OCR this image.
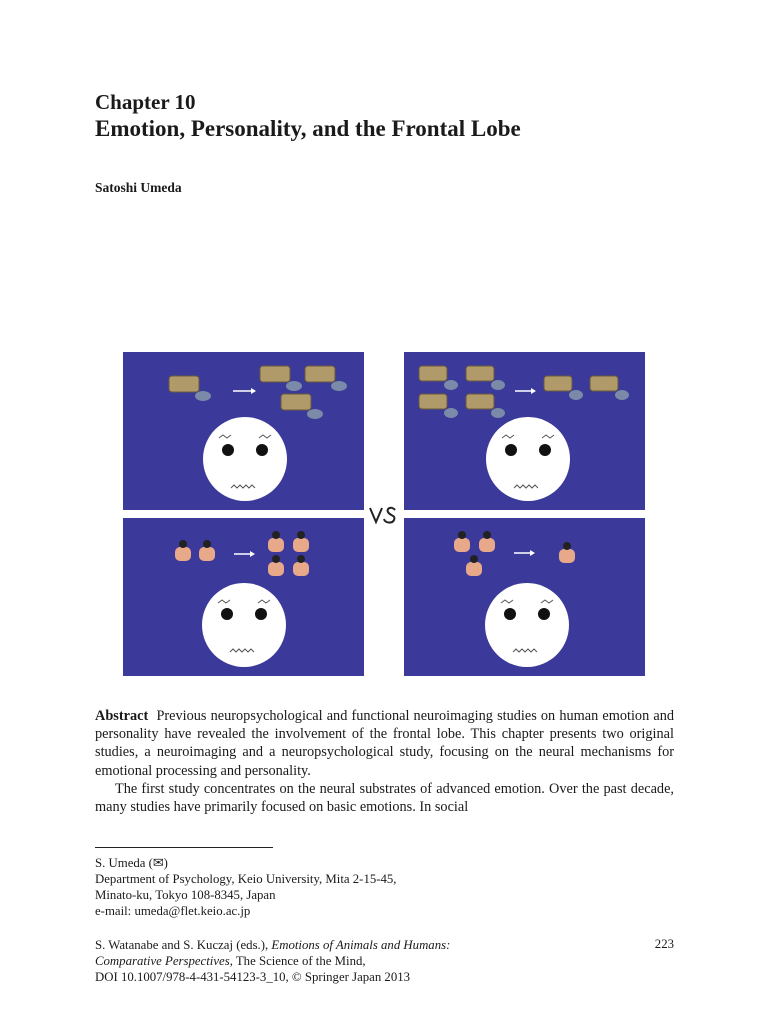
Chapter 10
Emotion, Personality, and the Frontal Lobe
Satoshi Umeda

Abstract Previous neuropsychological and functional neuroimaging studies on human emotion and personality have revealed the involvement of the frontal lobe. This chapter presents two original studies, a neuroimaging and a neuropsychological study, focusing on the neural mechanisms for emotional processing and personality.

The first study concentrates on the neural substrates of advanced emotion. Over the past decade, many studies have primarily focused on basic emotions. In social

S. Umeda (✉)
Department of Psychology, Keio University, Mita 2-15-45,
Minato-ku, Tokyo 108-8345, Japan
e-mail: umeda@flet.keio.ac.jp
S. Watanabe and S. Kuczaj (eds.), Emotions of Animals and Humans:
Comparative Perspectives, The Science of the Mind,
DOI 10.1007/978-4-431-54123-3_10, © Springer Japan 2013
223
